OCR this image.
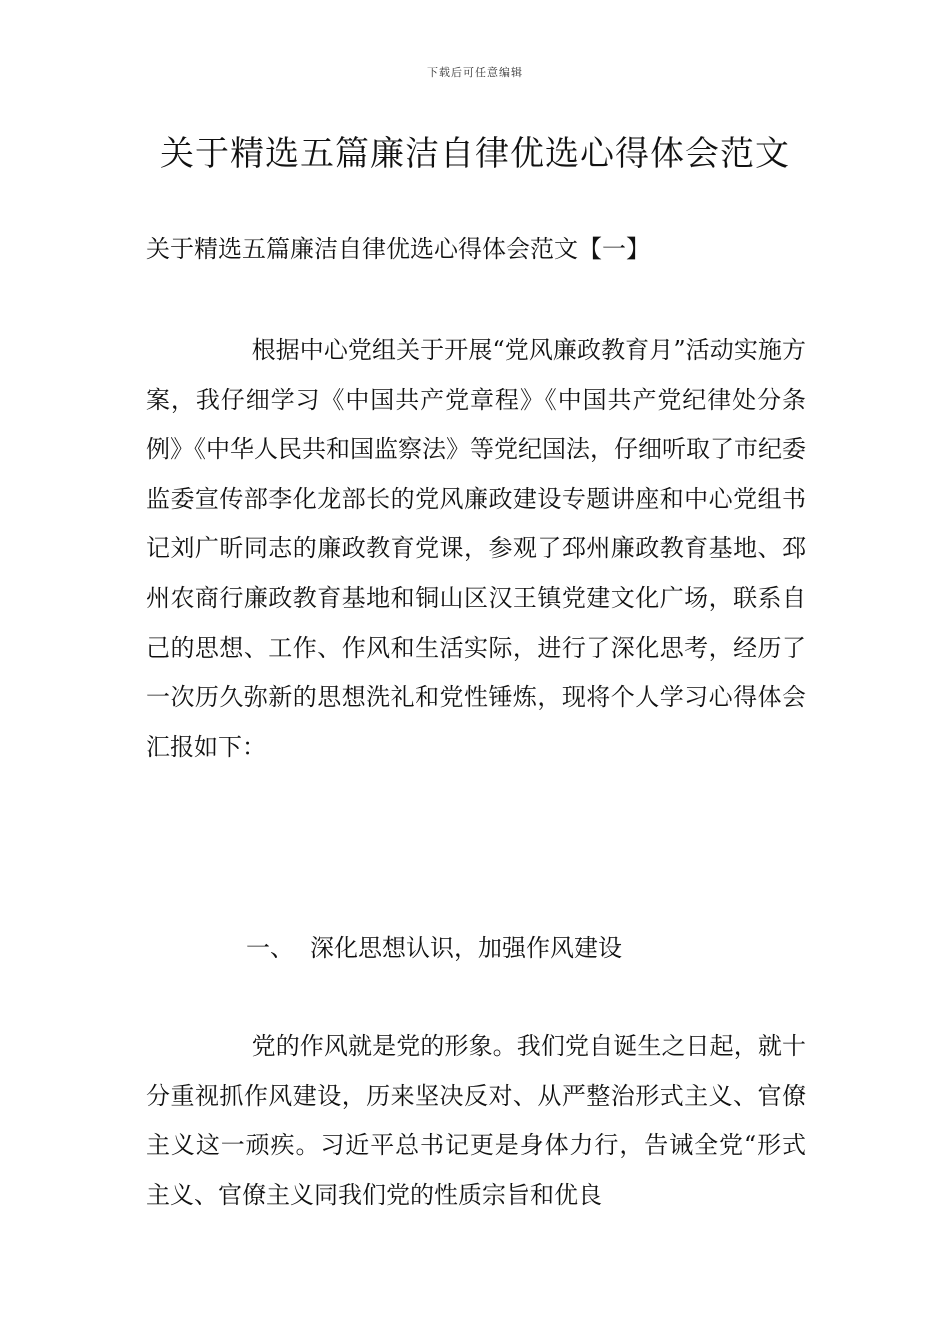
下载后可任意编辑
关于精选五篇廉洁自律优选心得体会范文

关于精选五篇廉洁自律优选心得体会范文【一】

根据中心党组关于开展“党风廉政教育月”活动实施方案，我仔细学习《中国共产党章程》《中国共产党纪律处分条例》《中华人民共和国监察法》等党纪国法，仔细听取了市纪委监委宣传部李化龙部长的党风廉政建设专题讲座和中心党组书记刘广昕同志的廉政教育党课，参观了邳州廉政教育基地、邳州农商行廉政教育基地和铜山区汉王镇党建文化广场，联系自己的思想、工作、作风和生活实际，进行了深化思考，经历了一次历久弥新的思想洗礼和党性锤炼，现将个人学习心得体会汇报如下：

一、 深化思想认识，加强作风建设

党的作风就是党的形象。我们党自诞生之日起，就十分重视抓作风建设，历来坚决反对、从严整治形式主义、官僚主义这一顽疾。习近平总书记更是身体力行，告诫全党“形式主义、官僚主义同我们党的性质宗旨和优良
